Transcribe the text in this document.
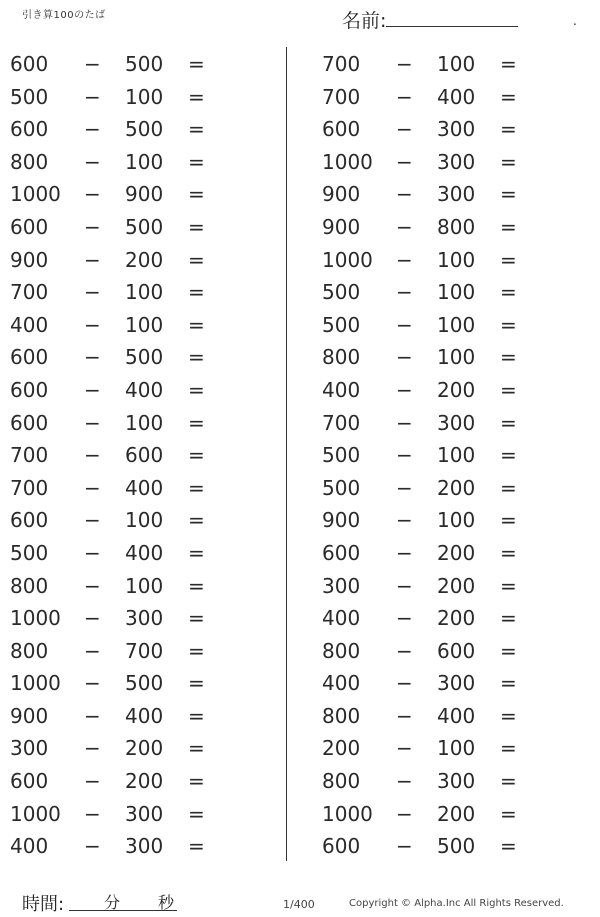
引き算100のたば	名前:	.
600 − 500 =
500 − 100 =
600 − 500 =
800 − 100 =
1000 − 900 =
600 − 500 =
900 − 200 =
700 − 100 =
400 − 100 =
600 − 500 =
600 − 400 =
600 − 100 =
700 − 600 =
700 − 400 =
600 − 100 =
500 − 400 =
800 − 100 =
1000 − 300 =
800 − 700 =
1000 − 500 =
900 − 400 =
300 − 200 =
600 − 200 =
1000 − 300 =
400 − 300 =
700 − 100 =
700 − 400 =
600 − 300 =
1000 − 300 =
900 − 300 =
900 − 800 =
1000 − 100 =
500 − 100 =
500 − 100 =
800 − 100 =
400 − 200 =
700 − 300 =
500 − 100 =
500 − 200 =
900 − 100 =
600 − 200 =
300 − 200 =
400 − 200 =
800 − 600 =
400 − 300 =
800 − 400 =
200 − 100 =
800 − 300 =
1000 − 200 =
600 − 500 =
時間: 分 秒	1/400	Copyright © Alpha.Inc All Rights Reserved.
